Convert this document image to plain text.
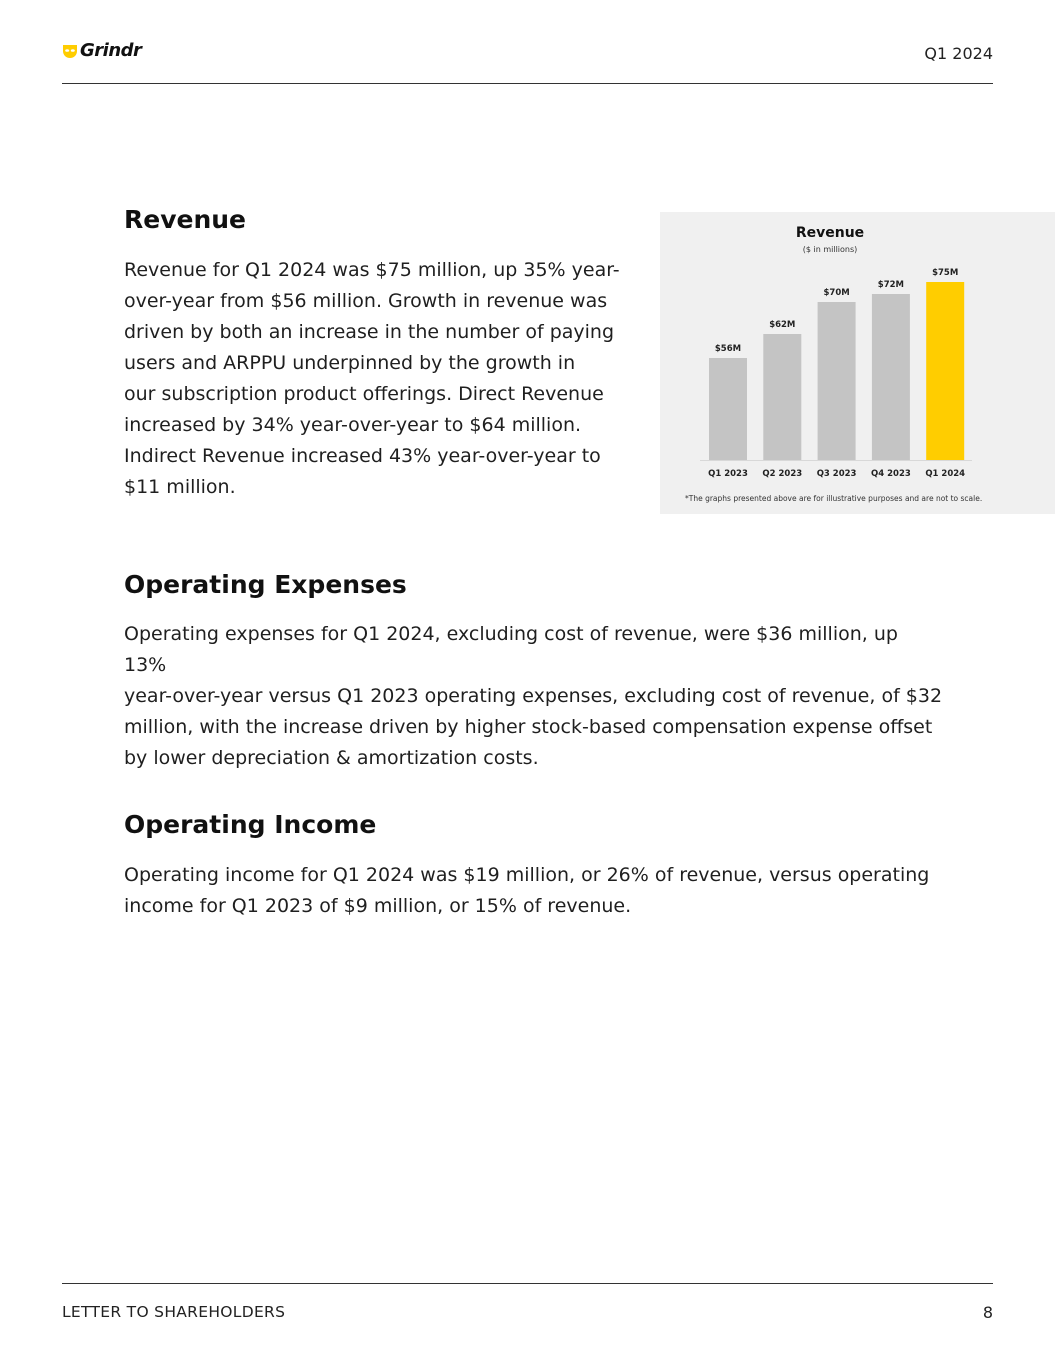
Grindr	Q1 2024
Revenue
Revenue for Q1 2024 was $75 million, up 35% year-
over-year from $56 million. Growth in revenue was
driven by both an increase in the number of paying
users and ARPPU underpinned by the growth in
our subscription product offerings. Direct Revenue
increased by 34% year-over-year to $64 million.
Indirect Revenue increased 43% year-over-year to
$11 million.
$56M
Q1 2023
$62M
Q2 2023
$70M
Q3 2023
$72M
Q4 2023
$75M
Q1 2024
Revenue
($ in millions)
*The graphs presented above are for illustrative purposes and are not to scale.
Operating Expenses
Operating expenses for Q1 2024, excluding cost of revenue, were $36 million, up 13%
year-over-year versus Q1 2023 operating expenses, excluding cost of revenue, of $32
million, with the increase driven by higher stock-based compensation expense offset
by lower depreciation & amortization costs.
Operating Income
Operating income for Q1 2024 was $19 million, or 26% of revenue, versus operating
income for Q1 2023 of $9 million, or 15% of revenue.
LETTER TO SHAREHOLDERS	8
